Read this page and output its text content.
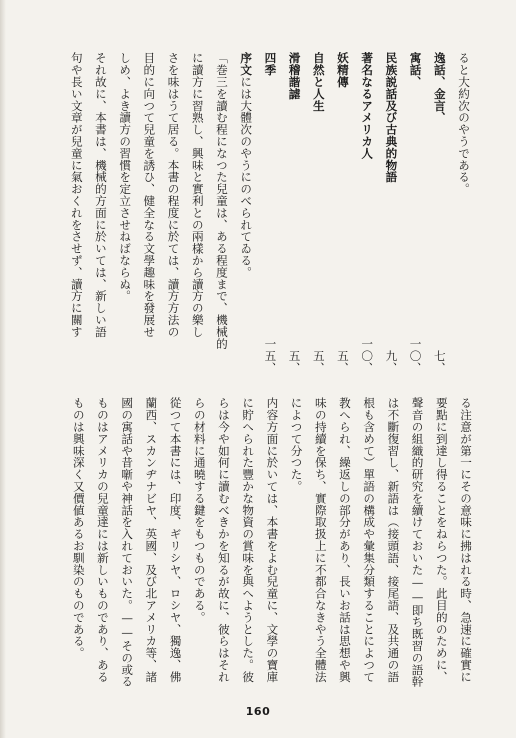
ると大約次のやうである。
逸話、金言、
七、
寓話、
一〇、
民族説話及び古典的物語
九、
著名なるアメリカ人
一〇、
妖精傳
五、
自然と人生
五、
滑稽諧謔
五、
四季
一五、
序文には大體次のやうにのべられてゐる。
「巻三を讀む程になつた兒童は、ある程度まで、機械的
に讀方に習熟し、興味と實利との兩樣から讀方の樂し
さを味はうて居る。本書の程度に於ては、讀方方法の
目的に向つて兒童を誘ひ、健全なる文學趣味を發展せ
しめ、よき讀方の習慣を定立させねばならぬ。
それ故に、本書は、機械的方面に於いては、新しい語
句や長い文章が兒童に氣おくれをさせず、讀方に關す
る注意が第一にその意味に拂はれる時、急速に確實に
要點に到達し得ることをねらつた。此目的のために、
聲音の組織的研究を續けておいた——即ち既習の語幹
は不斷復習し、新語は（接頭語、接尾語、及共通の語
根も含めて）單語の構成や彙集分類することによつて
教へられ、繰返しの部分があり、長いお話は思想や興
味の持續を保ち、實際取扱上に不都合なきやう全體法
によつて分つた。
内容方面に於いては、本書をよむ兒童に、文學の寶庫
に貯へられた豐かな物資の賞味を與へようとした。彼
らは今や如何に讀むべきかを知るが故に、彼らはそれ
らの材料に通曉する鍵をもつものである。
從つて本書には、印度、ギリシヤ、ロシヤ、獨逸、佛
蘭西、スカンヂナビヤ、英國、及び北アメリカ等、諸
國の寓話や昔噺や神話を入れておいた。——その或る
ものはアメリカの兒童達には新しいものであり、ある
ものは興味深く又價値あるお馴染のものである。
160
